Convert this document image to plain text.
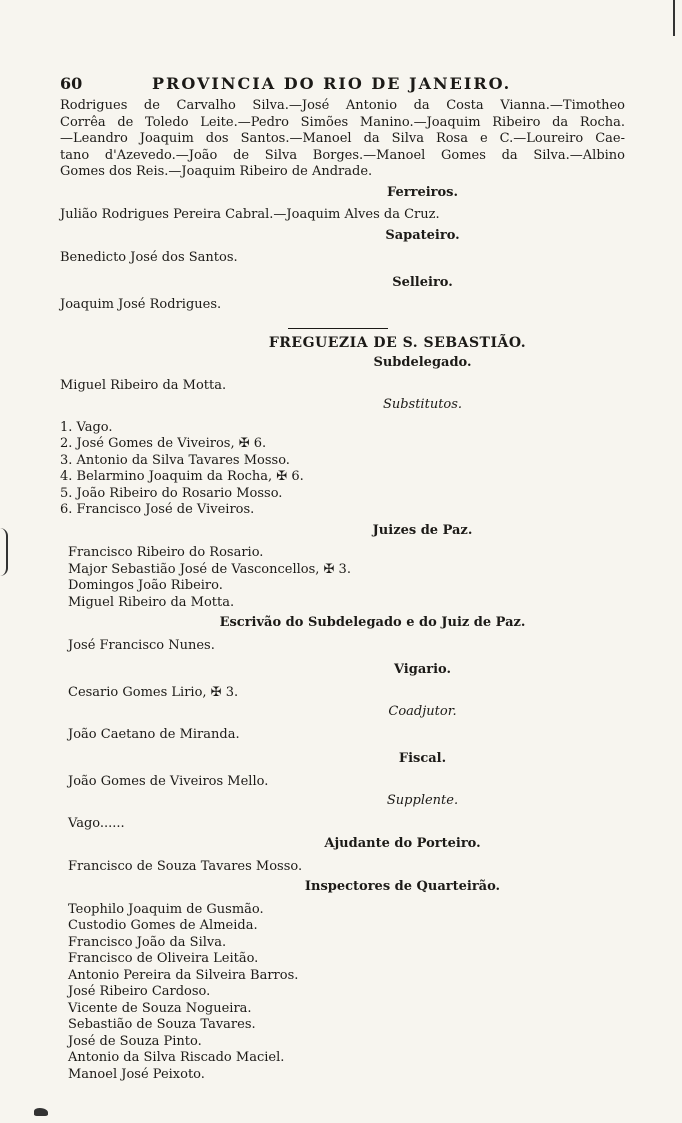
60	PROVINCIA DO RIO DE JANEIRO.
Rodrigues de Carvalho Silva.—José Antonio da Costa Vianna.—Timotheo
Corrêa de Toledo Leite.—Pedro Simões Manino.—Joaquim Ribeiro da Rocha.
—Leandro Joaquim dos Santos.—Manoel da Silva Rosa e C.—Loureiro Cae-
tano d'Azevedo.—João de Silva Borges.—Manoel Gomes da Silva.—Albino
Gomes dos Reis.—Joaquim Ribeiro de Andrade.
Ferreiros.
Julião Rodrigues Pereira Cabral.—Joaquim Alves da Cruz.
Sapateiro.
Benedicto José dos Santos.
Selleiro.
Joaquim José Rodrigues.
FREGUEZIA DE S. SEBASTIÃO.
Subdelegado.
Miguel Ribeiro da Motta.
Substitutos.
1. Vago.
2. José Gomes de Viveiros, ✠ 6.
3. Antonio da Silva Tavares Mosso.
4. Belarmino Joaquim da Rocha, ✠ 6.
5. João Ribeiro do Rosario Mosso.
6. Francisco José de Viveiros.
Juizes de Paz.
Francisco Ribeiro do Rosario.
Major Sebastião José de Vasconcellos, ✠ 3.
Domingos João Ribeiro.
Miguel Ribeiro da Motta.
Escrivão do Subdelegado e do Juiz de Paz.
José Francisco Nunes.
Vigario.
Cesario Gomes Lirio, ✠ 3.
Coadjutor.
João Caetano de Miranda.
Fiscal.
João Gomes de Viveiros Mello.
Supplente.
Vago......
Ajudante do Porteiro.
Francisco de Souza Tavares Mosso.
Inspectores de Quarteirão.
Teophilo Joaquim de Gusmão.
Custodio Gomes de Almeida.
Francisco João da Silva.
Francisco de Oliveira Leitão.
Antonio Pereira da Silveira Barros.
José Ribeiro Cardoso.
Vicente de Souza Nogueira.
Sebastião de Souza Tavares.
José de Souza Pinto.
Antonio da Silva Riscado Maciel.
Manoel José Peixoto.
